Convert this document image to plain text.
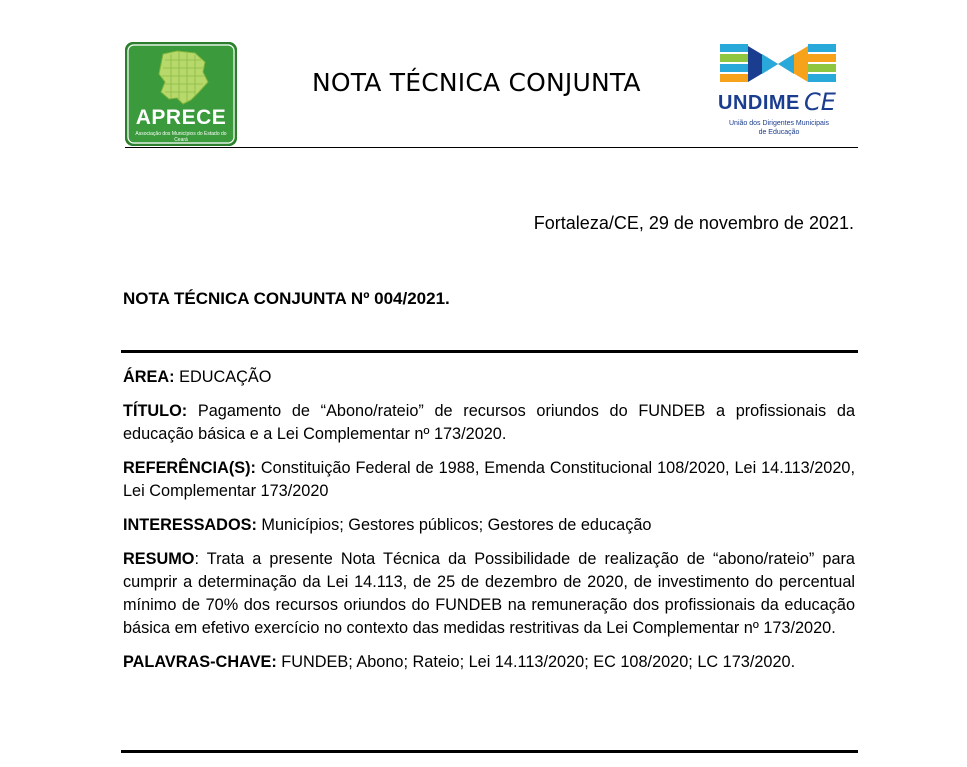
APRECE
Associação dos Municípios do Estado do Ceará
NOTA TÉCNICA CONJUNTA
UNDIME CE
União dos Dirigentes Municipais
de Educação
Fortaleza/CE, 29 de novembro de 2021.
NOTA TÉCNICA CONJUNTA Nº 004/2021.

ÁREA: EDUCAÇÃO

TÍTULO: Pagamento de “Abono/rateio” de recursos oriundos do FUNDEB a profissionais da educação básica e a Lei Complementar nº 173/2020.

REFERÊNCIA(S): Constituição Federal de 1988, Emenda Constitucional 108/2020, Lei 14.113/2020, Lei Complementar 173/2020

INTERESSADOS: Municípios; Gestores públicos; Gestores de educação

RESUMO: Trata a presente Nota Técnica da Possibilidade de realização de “abono/rateio” para cumprir a determinação da Lei 14.113, de 25 de dezembro de 2020, de investimento do percentual mínimo de 70% dos recursos oriundos do FUNDEB na remuneração dos profissionais da educação básica em efetivo exercício no contexto das medidas restritivas da Lei Complementar nº 173/2020.

PALAVRAS-CHAVE: FUNDEB; Abono; Rateio; Lei 14.113/2020; EC 108/2020; LC 173/2020.
